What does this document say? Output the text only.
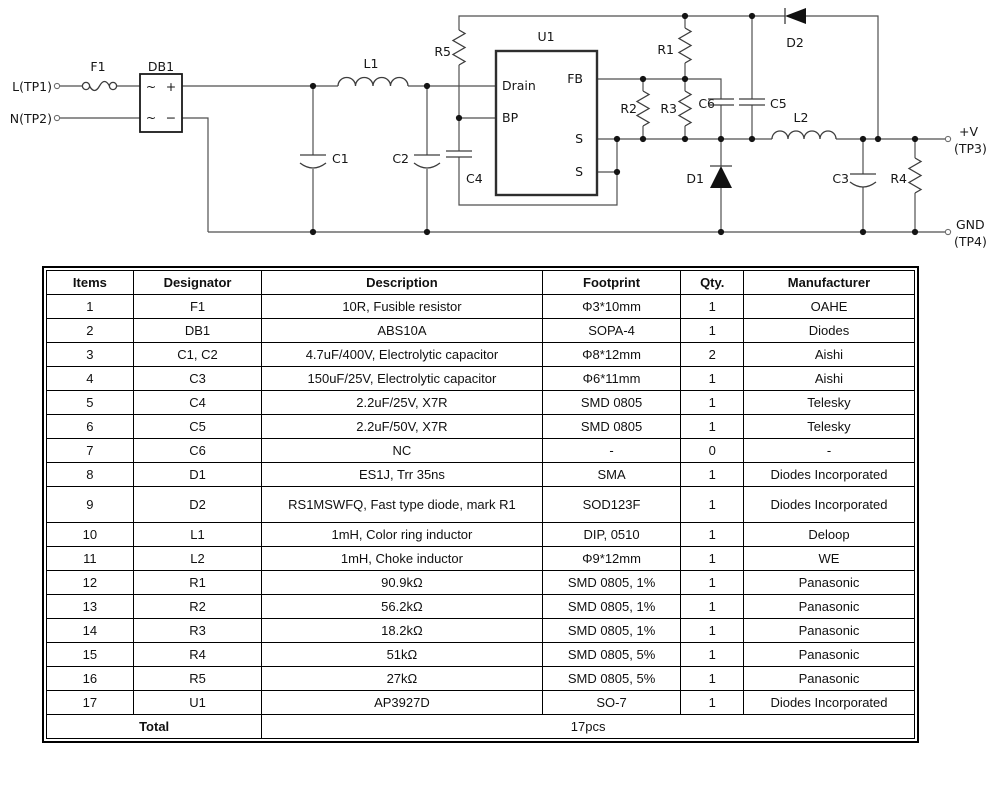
L(TP1)
N(TP2)
F1	DB1
~ +
~ −
L1
C1	C2
R5
C4
U1
Drain
BP
FB
S
S
R1
R2 R3 C6	C5
D2
L2
D1	C3	R4
+V
(TP3)
GND
(TP4)
Items	Designator	Description	Footprint	Qty.	Manufacturer
1	F1	10R, Fusible resistor	Φ3*10mm	1	OAHE
2	DB1	ABS10A	SOPA-4	1	Diodes
3	C1, C2	4.7uF/400V, Electrolytic capacitor	Φ8*12mm	2	Aishi
4	C3	150uF/25V, Electrolytic capacitor	Φ6*11mm	1	Aishi
5	C4	2.2uF/25V, X7R	SMD 0805	1	Telesky
6	C5	2.2uF/50V, X7R	SMD 0805	1	Telesky
7	C6	NC	-	0	-
8	D1	ES1J, Trr 35ns	SMA	1	Diodes Incorporated
9	D2	RS1MSWFQ, Fast type diode, mark R1	SOD123F	1	Diodes Incorporated
10	L1	1mH, Color ring inductor	DIP, 0510	1	Deloop
11	L2	1mH, Choke inductor	Φ9*12mm	1	WE
12	R1	90.9kΩ	SMD 0805, 1%	1	Panasonic
13	R2	56.2kΩ	SMD 0805, 1%	1	Panasonic
14	R3	18.2kΩ	SMD 0805, 1%	1	Panasonic
15	R4	51kΩ	SMD 0805, 5%	1	Panasonic
16	R5	27kΩ	SMD 0805, 5%	1	Panasonic
17	U1	AP3927D	SO-7	1	Diodes Incorporated
Total		17pcs			
